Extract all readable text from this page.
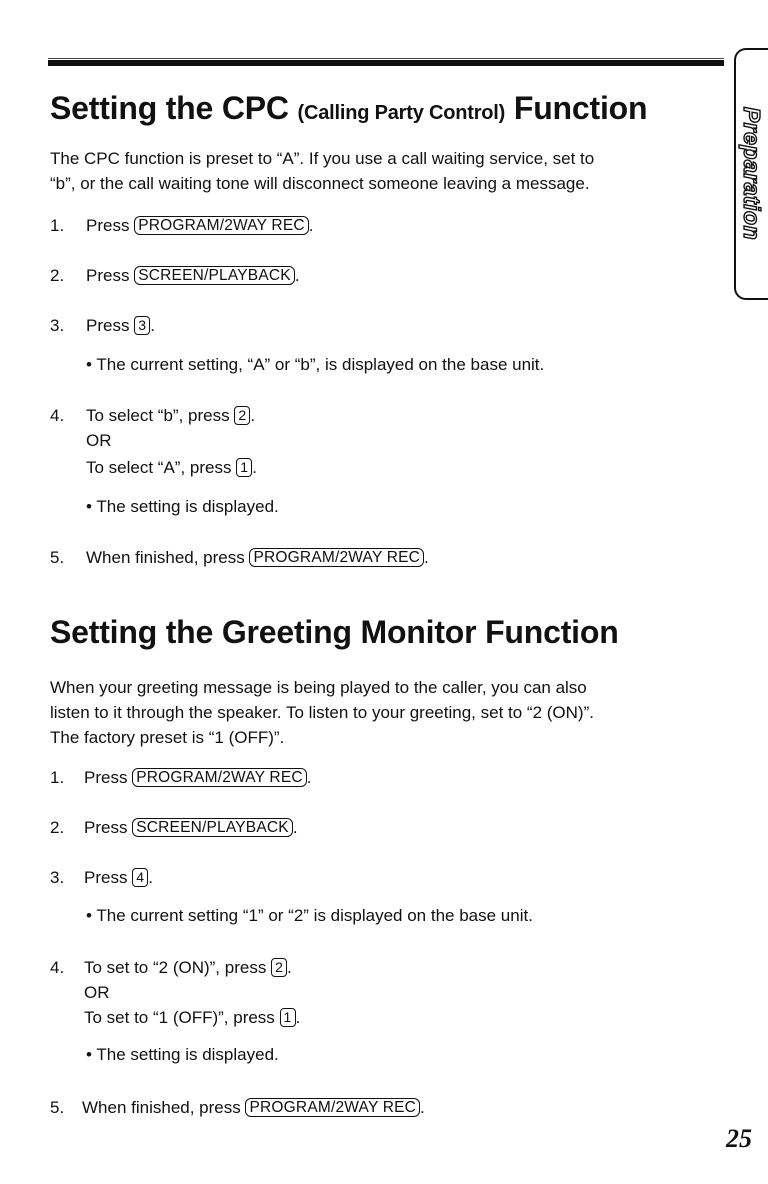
Preparation
Setting the CPC (Calling Party Control) Function

The CPC function is preset to “A”. If you use a call waiting service, set to

“b”, or the call waiting tone will disconnect someone leaving a message.

1. Press PROGRAM/2WAY REC .

2. Press SCREEN/PLAYBACK .

3. Press 3 .

• The current setting, “A” or “b”, is displayed on the base unit.

4. To select “b”, press 2 .

OR

To select “A”, press 1 .

• The setting is displayed.

5. When finished, press PROGRAM/2WAY REC .

Setting the Greeting Monitor Function

When your greeting message is being played to the caller, you can also

listen to it through the speaker. To listen to your greeting, set to “2 (ON)”.

The factory preset is “1 (OFF)”.

1. Press PROGRAM/2WAY REC .

2. Press SCREEN/PLAYBACK .

3. Press 4 .

• The current setting “1” or “2” is displayed on the base unit.

4. To set to “2 (ON)”, press 2 .

OR

To set to “1 (OFF)”, press 1 .

• The setting is displayed.

5. When finished, press PROGRAM/2WAY REC .

25
